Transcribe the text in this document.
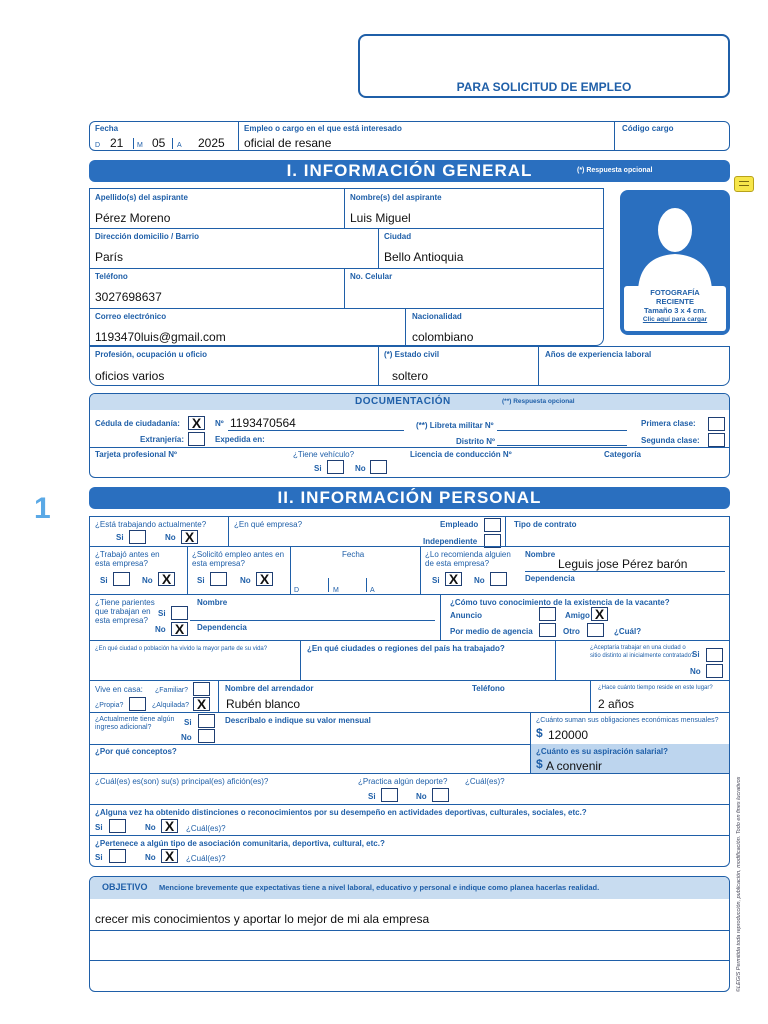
PARA SOLICITUD DE EMPLEO
Fecha
D 21 M 05 A 2025
Empleo o cargo en el que está interesado
oficial de resane
Código cargo
I. INFORMACIÓN GENERAL	(*) Respuesta opcional
Apellido(s) del aspirante
Pérez Moreno
Nombre(s) del aspirante
Luis Miguel
Dirección domicilio / Barrio
París
Ciudad
Bello Antioquia
Teléfono
3027698637
No. Celular
Correo electrónico
1193470luis@gmail.com
Nacionalidad
colombiano
FOTOGRAFÍA
RECIENTE
Tamaño 3 x 4 cm.
Clic aquí para cargar
Profesión, ocupación u oficio
oficios varios
(*) Estado civil
soltero
Años de experiencia laboral
DOCUMENTACIÓN	(**) Respuesta opcional
Cédula de ciudadanía: X	Nº 1193470564
Extranjería:	Expedida en:
(**) Libreta militar Nº
Distrito Nº
Primera clase:
Segunda clase:
Tarjeta profesional Nº	¿Tiene vehículo?
Si	No
Licencia de conducción Nº	Categoría
1	II. INFORMACIÓN PERSONAL
¿Está trabajando actualmente?
Si	No X
¿En qué empresa?	Empleado
Independiente
Tipo de contrato
¿Trabajó antes en
esta empresa?
Si	No X
¿Solicitó empleo antes en
esta empresa?
Si	No X
Fecha
D	M	A
¿Lo recomienda alguien
de esta empresa?
Si X	No
Nombre
Leguis jose Pérez barón
Dependencia
¿Tiene parientes
que trabajan en
esta empresa?
Si
No X
Nombre
Dependencia
¿Cómo tuvo conocimiento de la existencia de la vacante?
Anuncio	Amigo X
Por medio de agencia	Otro	¿Cuál?
¿En qué ciudad o población ha vivido la mayor parte de su vida?	¿En qué ciudades o regiones del país ha trabajado?	¿Aceptaría trabajar en una ciudad o
sitio distinto al inicialmente contratado?
Si
No
Vive en casa: ¿Familiar?
¿Propia?	¿Alquilada? X
Nombre del arrendador
Rubén blanco
Teléfono	¿Hace cuánto tiempo reside en este lugar?
2 años
¿Actualmente tiene algún
ingreso adicional?
Si
No
Descríbalo e indique su valor mensual	¿Cuánto suman sus obligaciones económicas mensuales?
$ 120000
¿Por qué conceptos?	¿Cuánto es su aspiración salarial?
$ A convenir
¿Cuál(es) es(son) su(s) principal(es) afición(es)?	¿Practica algún deporte? ¿Cuál(es)?
Si	No
¿Alguna vez ha obtenido distinciones o reconocimientos por su desempeño en actividades deportivas, culturales, sociales, etc.?
Si	No X	¿Cuál(es)?
¿Pertenece a algún tipo de asociación comunitaria, deportiva, cultural, etc.?
Si	No X	¿Cuál(es)?
OBJETIVO Mencione brevemente que expectativas tiene a nivel laboral, educativo y personal e indique como planea hacerlas realidad.
crecer mis conocimientos y aportar lo mejor de mi ala empresa	©LEGIS Permitida toda reproducción, publicación, modificación. Todo en fines lucrativos
